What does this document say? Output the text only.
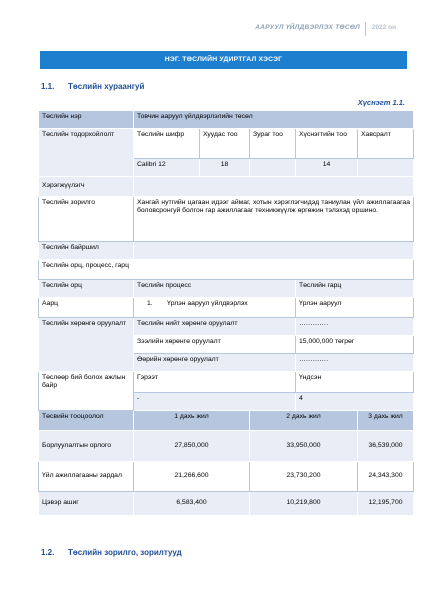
ААРУУЛ ҮЙЛДВЭРЛЭХ ТӨСӨЛ 2022 он
НЭГ. ТӨСЛИЙН УДИРТГАЛ ХЭСЭГ
1.1. Төслийн хураангуй
Хүснэгт 1.1.
Төслийн нэр	Товчин ааруул үйлдвэрлэлийн төсөл				
Төслийн тодорхойлолт	Төслийн шифр	Хуудас тоо	Зураг тоо	Хүснэгтийн тоо	Хавсралт
	Calibri 12	18		14	
Хэрэгжүүлэгч					
Төслийн зорилго	Хангай нутгийн цагаан идээг аймаг, хотын хэрэглэгчидэд таниулан үйл ажиллагаагаа боловсронгуй болгон гар ажиллагааг техникжүүлж өргөжин тэлэхэд оршино.				
Төслийн байршил					
Төслийн орц, процесс, гарц					
Төслийн орц	Төслийн процесс			Төслийн гарц	
Аарц	1. Үрлэн ааруул үйлдвэрлэх			Үрлэн ааруул	
Төслийн хөрөнгө оруулалт	Төслийн нийт хөрөнгө оруулалт			………….	
	Зээлийн хөрөнгө оруулалт			15,000,000 төгрөг	
	Өөрийн хөрөнгө оруулалт			………….	
Төслөөр бий болох ажлын байр	Гэрээт			Үндсэн	
	-			4	
Төсвийн тооцоолол	1 дахь жил		2 дахь жил		3 дахь жил
Борлуулалтын орлого	27,850,000		33,950,000		36,539,000
Үйл ажиллагааны зардал	21,266,600		23,730,200		24,343,300
Цэвэр ашиг	6,583,400		10,219,800		12,195,700
1.2. Төслийн зорилго, зорилтууд
